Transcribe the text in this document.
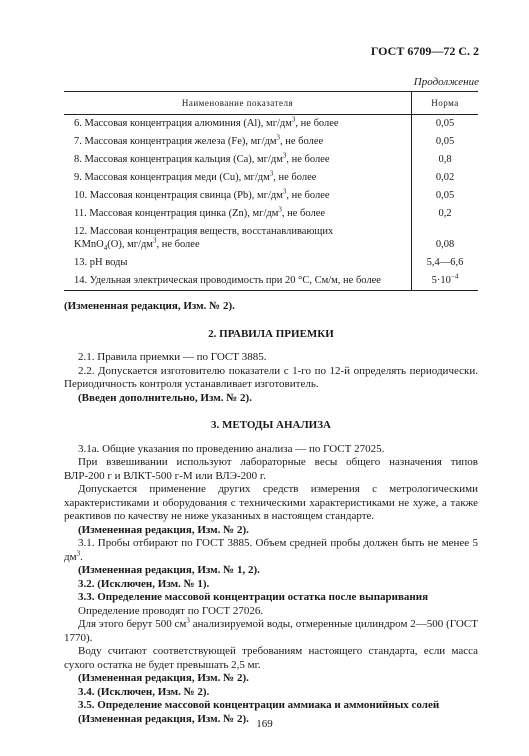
ГОСТ 6709—72 С. 2
Продолжение
Наименование показателя	Норма
6. Массовая концентрация алюминия (Al), $мг/дм^3$, не более	0,05
7. Массовая концентрация железа (Fe), $мг/дм^3$, не более	0,05
8. Массовая концентрация кальция (Ca), $мг/дм^3$, не более	0,8
9. Массовая концентрация меди (Cu), $мг/дм^3$, не более	0,02
10. Массовая концентрация свинца (Pb), $мг/дм^3$, не более	0,05
11. Массовая концентрация цинка (Zn), $мг/дм^3$, не более	0,2
12. Массовая концентрация веществ, восстанавливающих
KMnO$_4$(O), $мг/дм^3$, не более	0,08
13. pH воды	5,4—6,6
14. Удельная электрическая проводимость при 20 °С, См/м, не более	$5\cdot 10^{-4}$

(Измененная редакция, Изм. № 2).

2. ПРАВИЛА ПРИЕМКИ

2.1. Правила приемки — по ГОСТ 3885.

2.2. Допускается изготовителю показатели с 1-го по 12-й определять периодически. Периодичность контроля устанавливает изготовитель.

(Введен дополнительно, Изм. № 2).

3. МЕТОДЫ АНАЛИЗА

3.1а. Общие указания по проведению анализа — по ГОСТ 27025.

При взвешивании используют лабораторные весы общего назначения типов ВЛР-200 г и ВЛКТ-500 г-М или ВЛЭ-200 г.

Допускается применение других средств измерения с метрологическими характеристиками и оборудования с техническими характеристиками не хуже, а также реактивов по качеству не ниже указанных в настоящем стандарте.

(Измененная редакция, Изм. № 2).

3.1. Пробы отбирают по ГОСТ 3885. Объем средней пробы должен быть не менее 5 $дм^3$.

(Измененная редакция, Изм. № 1, 2).

3.2. (Исключен, Изм. № 1).

3.3. Определение массовой концентрации остатка после выпаривания

Определение проводят по ГОСТ 27026.

Для этого берут 500 $см^3$ анализируемой воды, отмеренные цилиндром 2—500 (ГОСТ 1770).

Воду считают соответствующей требованиям настоящего стандарта, если масса сухого остатка не будет превышать 2,5 мг.

(Измененная редакция, Изм. № 2).

3.4. (Исключен, Изм. № 2).

3.5. Определение массовой концентрации аммиака и аммонийных солей

(Измененная редакция, Изм. № 2). 169
